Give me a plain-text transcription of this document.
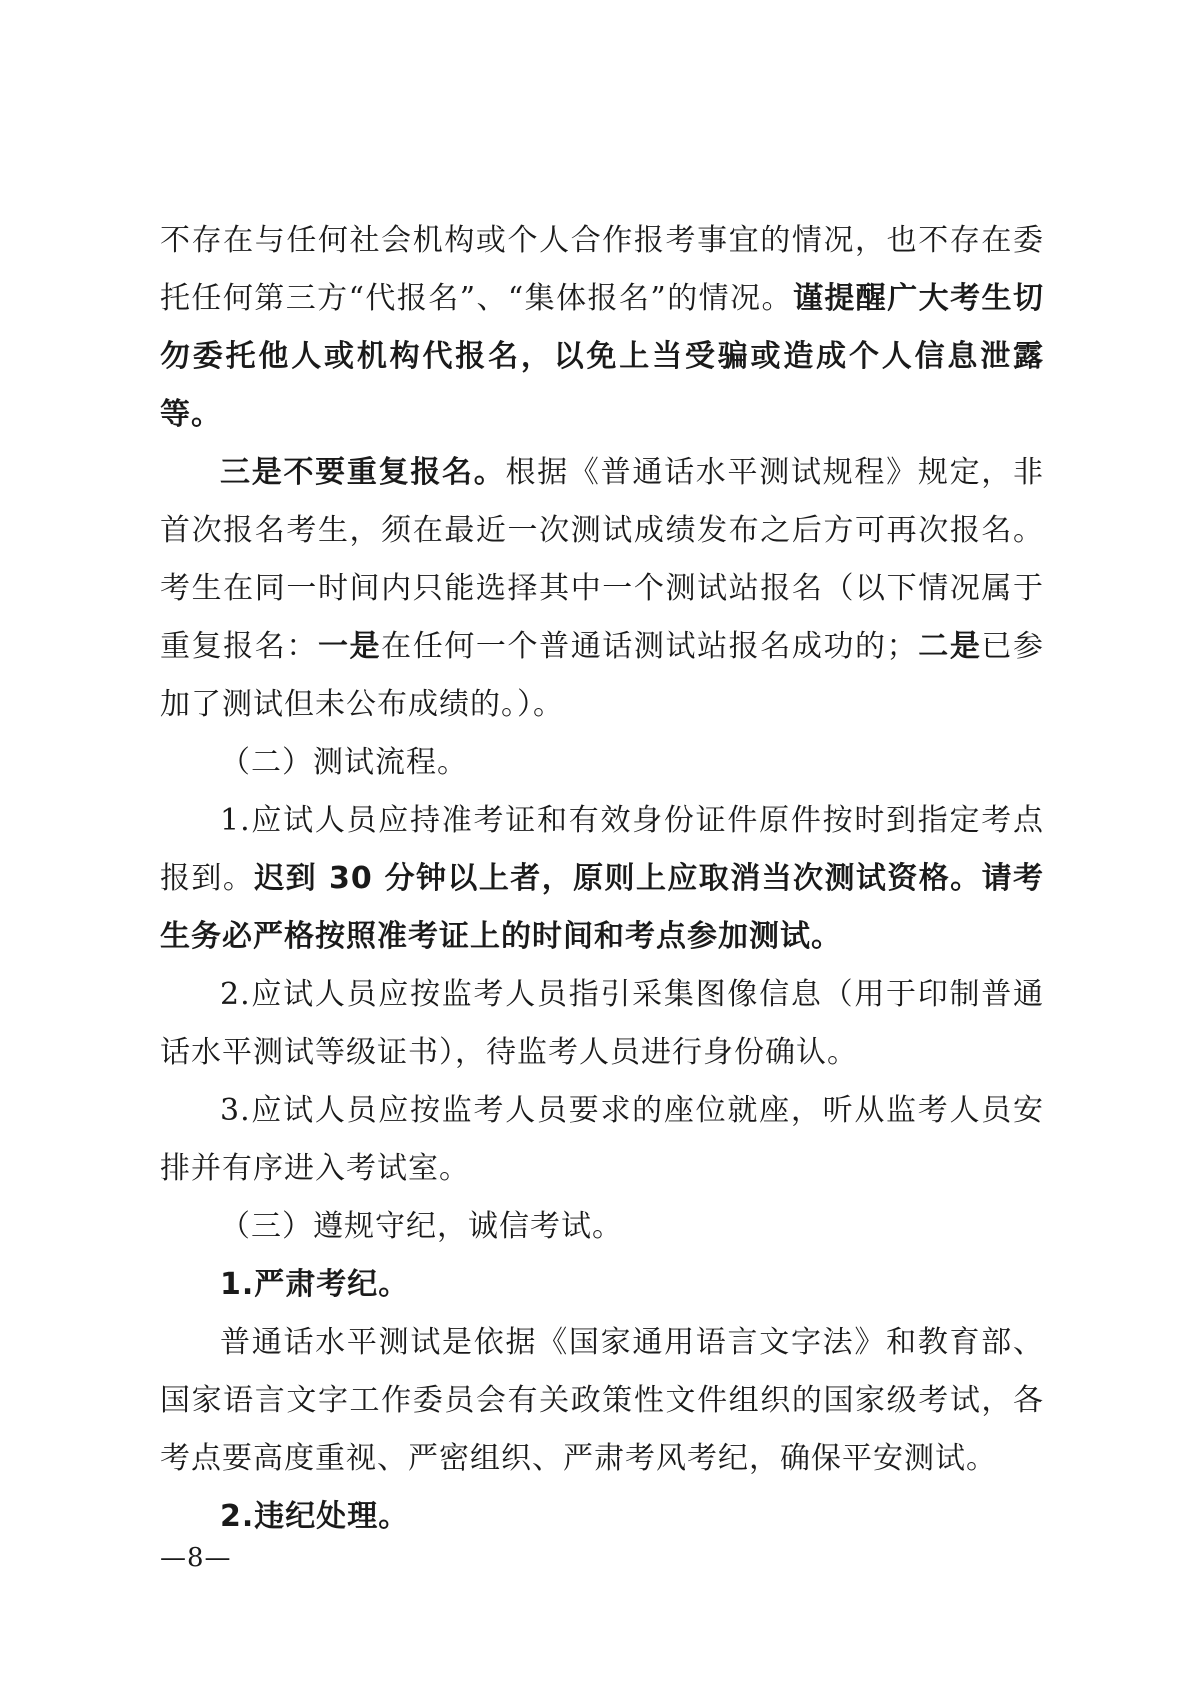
不存在与任何社会机构或个人合作报考事宜的情况，也不存在委托任何第三方“代报名”、“集体报名”的情况。谨提醒广大考生切勿委托他人或机构代报名，以免上当受骗或造成个人信息泄露等。

三是不要重复报名。根据《普通话水平测试规程》规定，非首次报名考生，须在最近一次测试成绩发布之后方可再次报名。考生在同一时间内只能选择其中一个测试站报名（以下情况属于重复报名：一是在任何一个普通话测试站报名成功的；二是已参加了测试但未公布成绩的。）。

（二）测试流程。

1.应试人员应持准考证和有效身份证件原件按时到指定考点报到。迟到 30 分钟以上者，原则上应取消当次测试资格。请考生务必严格按照准考证上的时间和考点参加测试。

2.应试人员应按监考人员指引采集图像信息（用于印制普通话水平测试等级证书），待监考人员进行身份确认。

3.应试人员应按监考人员要求的座位就座，听从监考人员安排并有序进入考试室。

（三）遵规守纪，诚信考试。

1.严肃考纪。

普通话水平测试是依据《国家通用语言文字法》和教育部、国家语言文字工作委员会有关政策性文件组织的国家级考试，各考点要高度重视、严密组织、严肃考风考纪，确保平安测试。

2.违纪处理。

—8—
